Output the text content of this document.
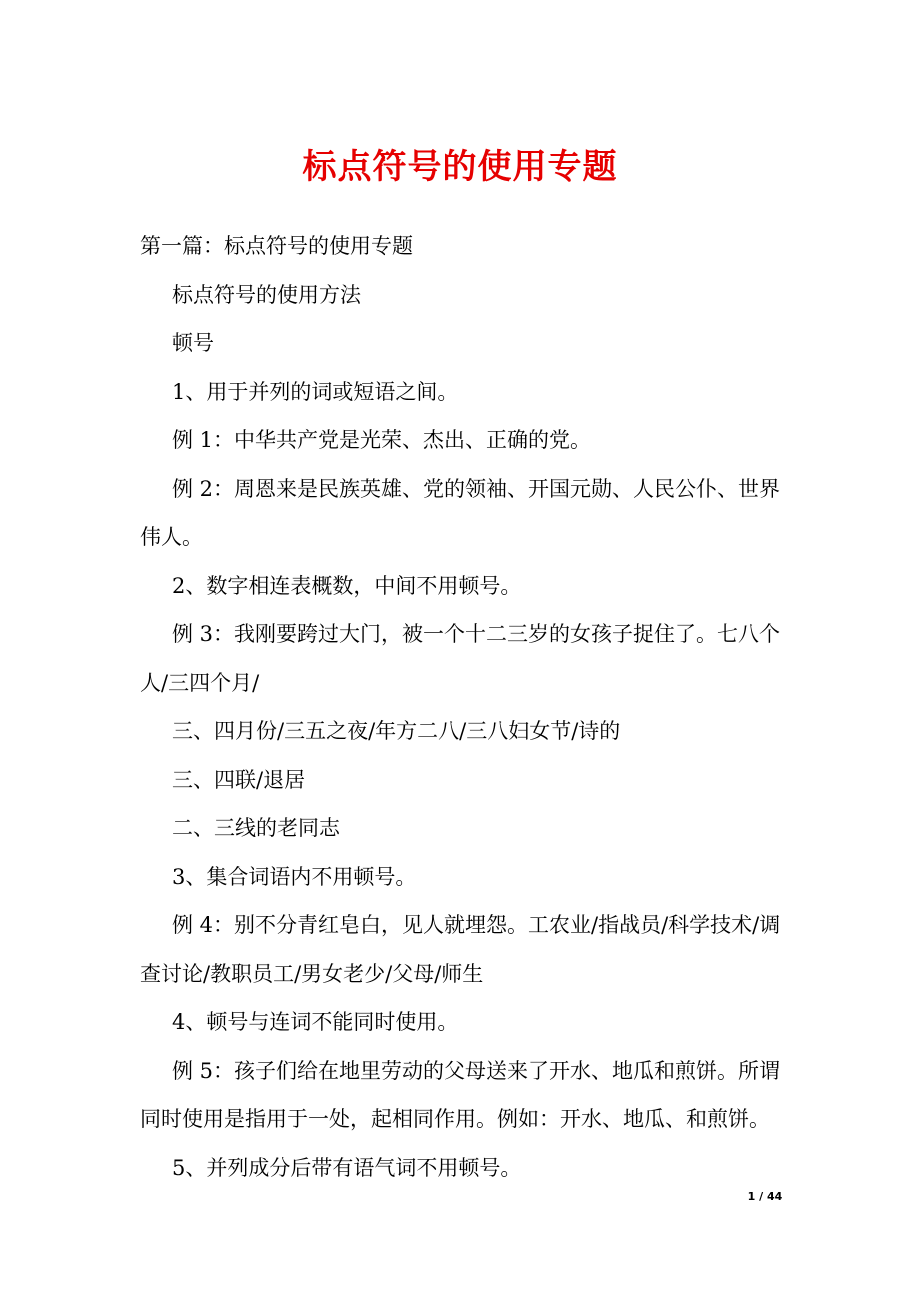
标点符号的使用专题

第一篇：标点符号的使用专题

标点符号的使用方法

顿号

1、用于并列的词或短语之间。

例 1：中华共产党是光荣、杰出、正确的党。

例 2：周恩来是民族英雄、党的领袖、开国元勋、人民公仆、世界伟人。

2、数字相连表概数，中间不用顿号。

例 3：我刚要跨过大门，被一个十二三岁的女孩子捉住了。七八个人/三四个月/

三、四月份/三五之夜/年方二八/三八妇女节/诗的

三、四联/退居

二、三线的老同志

3、集合词语内不用顿号。

例 4：别不分青红皂白，见人就埋怨。工农业/指战员/科学技术/调查讨论/教职员工/男女老少/父母/师生

4、顿号与连词不能同时使用。

例 5：孩子们给在地里劳动的父母送来了开水、地瓜和煎饼。所谓同时使用是指用于一处，起相同作用。例如：开水、地瓜、和煎饼。

5、并列成分后带有语气词不用顿号。

1 / 44
